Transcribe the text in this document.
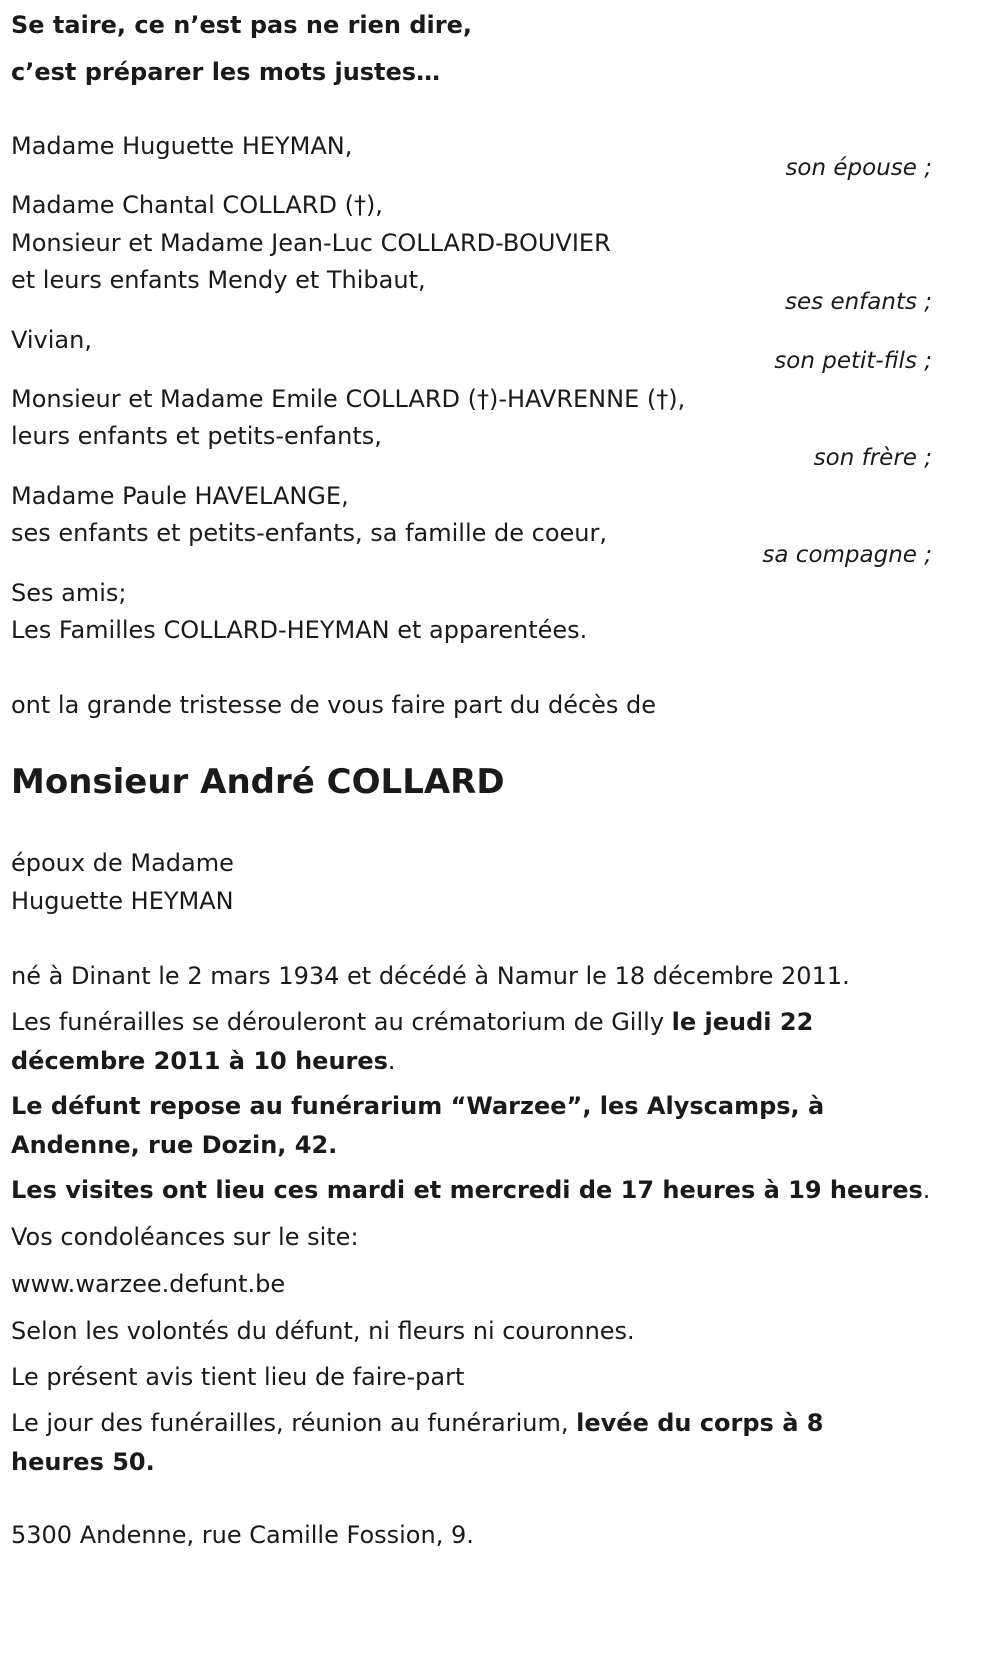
Se taire, ce n’est pas ne rien dire,
c’est préparer les mots justes…
Madame Huguette HEYMAN,
son épouse ;
Madame Chantal COLLARD (†),
Monsieur et Madame Jean-Luc COLLARD-BOUVIER
et leurs enfants Mendy et Thibaut,
ses enfants ;
Vivian,
son petit-fils ;
Monsieur et Madame Emile COLLARD (†)-HAVRENNE (†),
leurs enfants et petits-enfants,
son frère ;
Madame Paule HAVELANGE,
ses enfants et petits-enfants, sa famille de coeur,
sa compagne ;
Ses amis;
Les Familles COLLARD-HEYMAN et apparentées.
ont la grande tristesse de vous faire part du décès de
Monsieur André COLLARD
époux de Madame
Huguette HEYMAN
né à Dinant le 2 mars 1934 et décédé à Namur le 18 décembre 2011.
Les funérailles se dérouleront au crématorium de Gilly le jeudi 22 décembre 2011 à 10 heures.
Le défunt repose au funérarium “Warzee”, les Alyscamps, à Andenne, rue Dozin, 42.
Les visites ont lieu ces mardi et mercredi de 17 heures à 19 heures.
Vos condoléances sur le site:
www.warzee.defunt.be
Selon les volontés du défunt, ni fleurs ni couronnes.
Le présent avis tient lieu de faire-part
Le jour des funérailles, réunion au funérarium, levée du corps à 8 heures 50.
5300 Andenne, rue Camille Fossion, 9.
